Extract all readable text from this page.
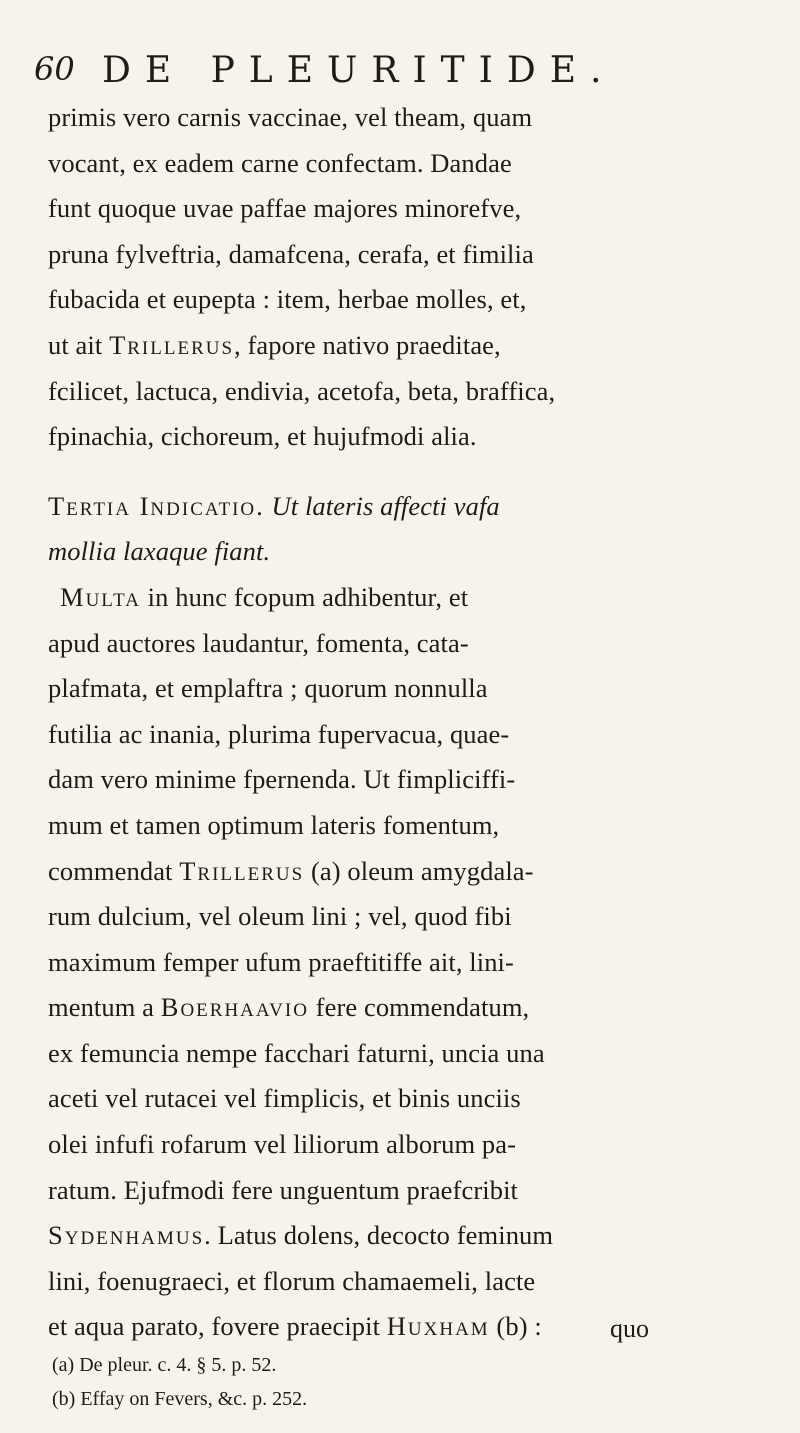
60 DE PLEURITIDE.
primis vero carnis vaccinae, vel theam, quam
vocant, ex eadem carne confectam. Dandae
funt quoque uvae paffae majores minorefve,
pruna fylveftria, damafcena, cerafa, et fimilia
fubacida et eupepta : item, herbae molles, et,
ut ait Trillerus, fapore nativo praeditae,
fcilicet, lactuca, endivia, acetofa, beta, braffica,
fpinachia, cichoreum, et hujufmodi alia.
Tertia Indicatio. Ut lateris affecti vafa
mollia laxaque fiant.
Multa in hunc fcopum adhibentur, et
apud auctores laudantur, fomenta, cata-
plafmata, et emplaftra ; quorum nonnulla
futilia ac inania, plurima fupervacua, quae-
dam vero minime fpernenda. Ut fimpliciffi-
mum et tamen optimum lateris fomentum,
commendat Trillerus (a) oleum amygdala-
rum dulcium, vel oleum lini ; vel, quod fibi
maximum femper ufum praeftitiffe ait, lini-
mentum a Boerhaavio fere commendatum,
ex femuncia nempe facchari faturni, uncia una
aceti vel rutacei vel fimplicis, et binis unciis
olei infufi rofarum vel liliorum alborum pa-
ratum. Ejufmodi fere unguentum praefcribit
Sydenhamus. Latus dolens, decocto feminum
lini, foenugraeci, et florum chamaemeli, lacte
et aqua parato, fovere praecipit Huxham (b) :	quo
(a) De pleur. c. 4. § 5. p. 52.
(b) Effay on Fevers, &c. p. 252.
